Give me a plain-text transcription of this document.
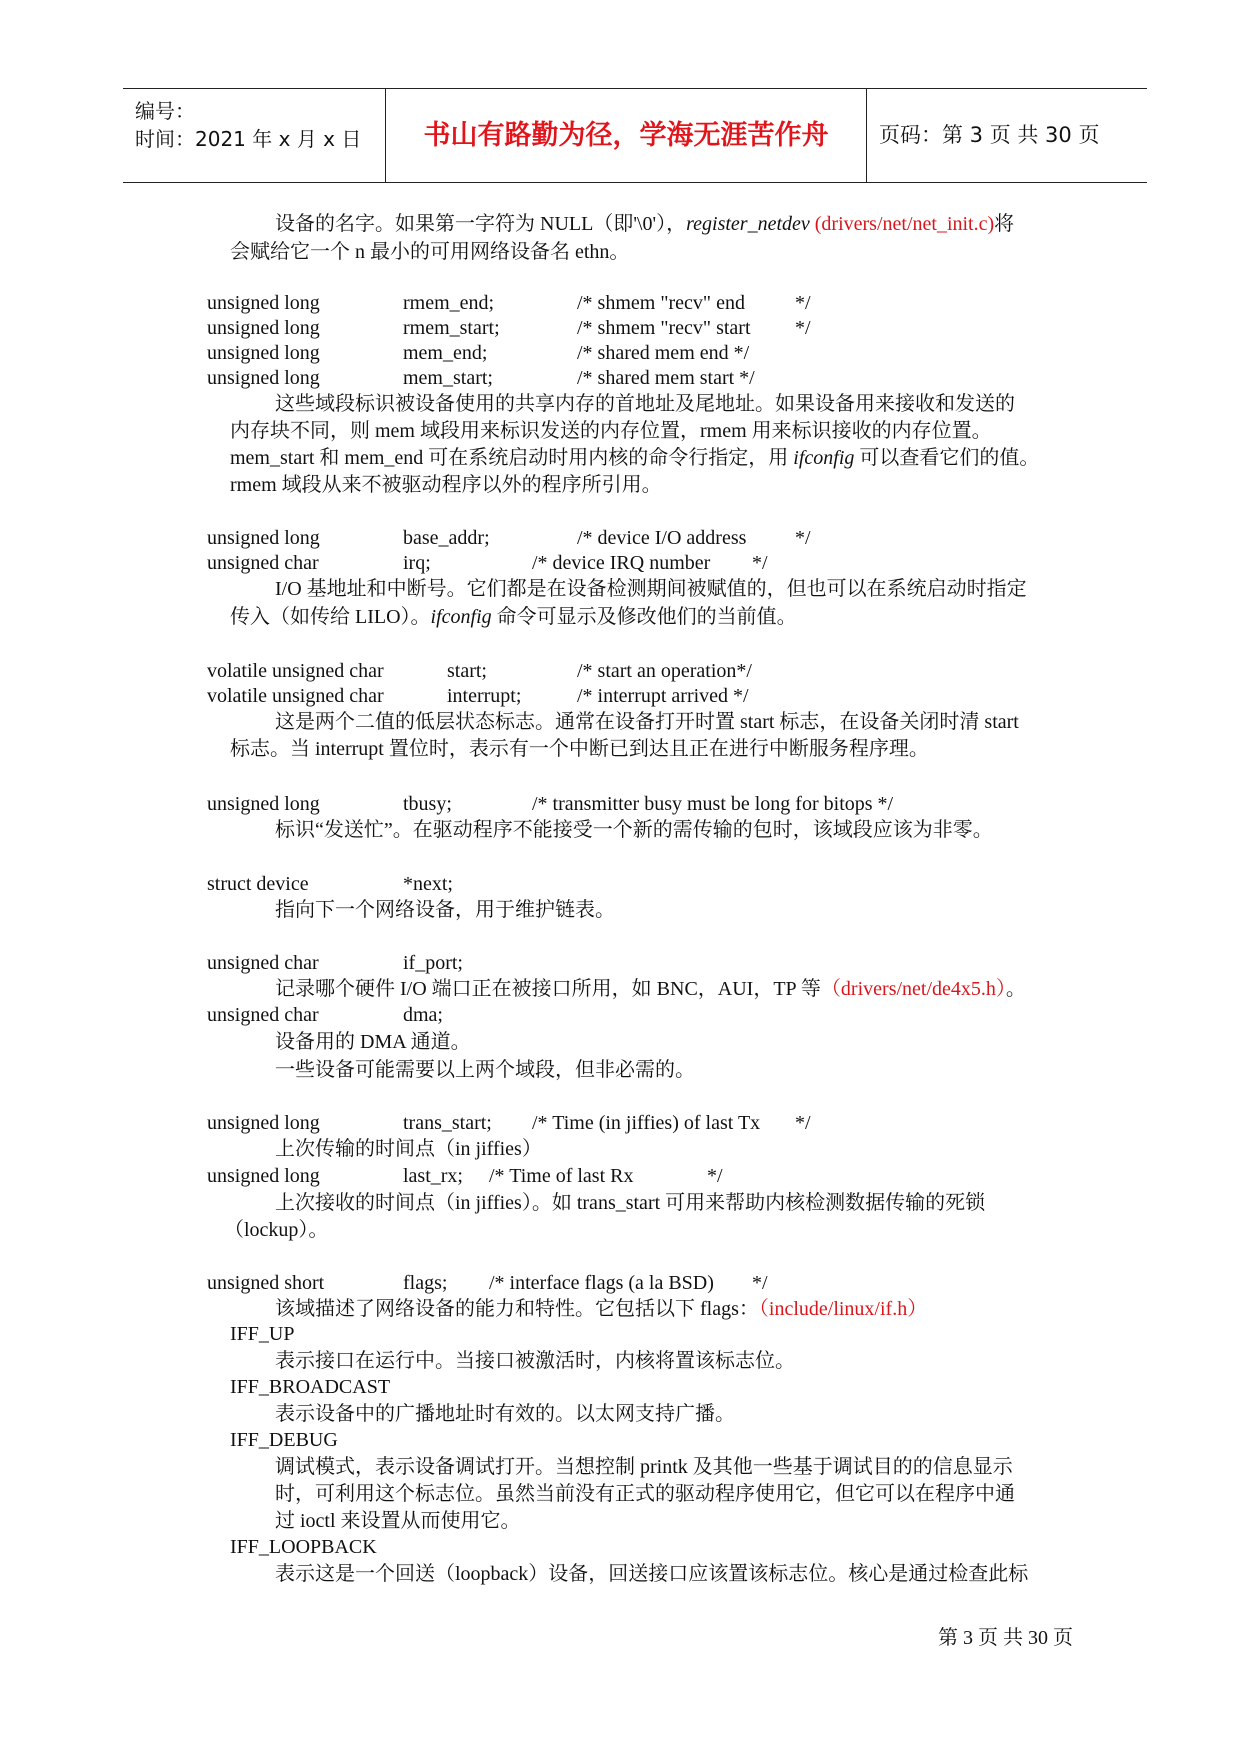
编号：
时间：2021 年 x 月 x 日	书山有路勤为径，学海无涯苦作舟	页码：第 3 页 共 30 页
设备的名字。如果第一字符为 NULL（即'\0'），register_netdev (drivers/net/net_init.c)将
会赋给它一个 n 最小的可用网络设备名 ethn。
unsigned long	rmem_end;	/* shmem "recv" end	*/
unsigned long	rmem_start;	/* shmem "recv" start */
unsigned long	mem_end;	/* shared mem end */
unsigned long	mem_start;	/* shared mem start */
这些域段标识被设备使用的共享内存的首地址及尾地址。如果设备用来接收和发送的
内存块不同，则 mem 域段用来标识发送的内存位置，rmem 用来标识接收的内存位置。
mem_start 和 mem_end 可在系统启动时用内核的命令行指定，用 ifconfig 可以查看它们的值。
rmem 域段从来不被驱动程序以外的程序所引用。
unsigned long	base_addr;	/* device I/O address */
unsigned char	irq;	/* device IRQ number */
I/O 基地址和中断号。它们都是在设备检测期间被赋值的，但也可以在系统启动时指定
传入（如传给 LILO）。ifconfig 命令可显示及修改他们的当前值。
volatile unsigned char	start;	/* start an operation*/
volatile unsigned char	interrupt;	/* interrupt arrived */
这是两个二值的低层状态标志。通常在设备打开时置 start 标志，在设备关闭时清 start
标志。当 interrupt 置位时，表示有一个中断已到达且正在进行中断服务程序理。
unsigned long	tbusy;	/* transmitter busy must be long for bitops */
标识“发送忙”。在驱动程序不能接受一个新的需传输的包时，该域段应该为非零。
struct device	*next;
指向下一个网络设备，用于维护链表。
unsigned char	if_port;
记录哪个硬件 I/O 端口正在被接口所用，如 BNC，AUI，TP 等（drivers/net/de4x5.h）。
unsigned char	dma;
设备用的 DMA 通道。
一些设备可能需要以上两个域段，但非必需的。
unsigned long	trans_start; /* Time (in jiffies) of last Tx */
上次传输的时间点（in jiffies）
unsigned long	last_rx; /* Time of last Rx	*/
上次接收的时间点（in jiffies）。如 trans_start 可用来帮助内核检测数据传输的死锁
（lockup）。
unsigned short	flags; /* interface flags (a la BSD) */
该域描述了网络设备的能力和特性。它包括以下 flags：（include/linux/if.h）
IFF_UP
表示接口在运行中。当接口被激活时，内核将置该标志位。
IFF_BROADCAST
表示设备中的广播地址时有效的。以太网支持广播。
IFF_DEBUG
调试模式，表示设备调试打开。当想控制 printk 及其他一些基于调试目的的信息显示
时，可利用这个标志位。虽然当前没有正式的驱动程序使用它，但它可以在程序中通
过 ioctl 来设置从而使用它。
IFF_LOOPBACK
表示这是一个回送（loopback）设备，回送接口应该置该标志位。核心是通过检查此标
第 3 页 共 30 页
